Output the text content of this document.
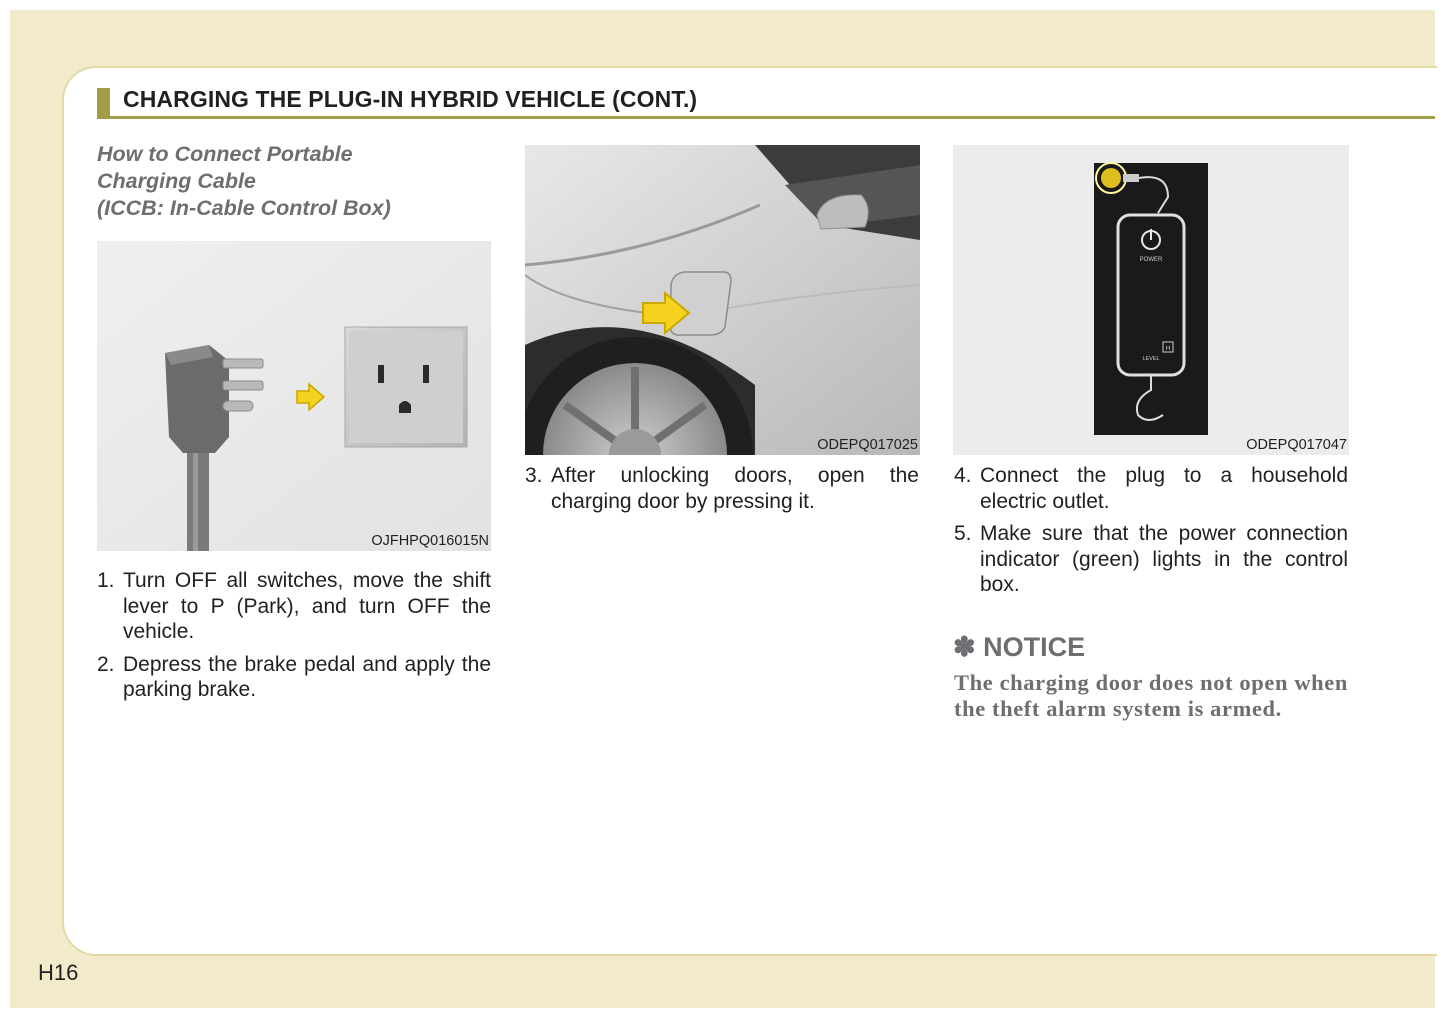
CHARGING THE PLUG-IN HYBRID VEHICLE (CONT.)
How to Connect Portable
Charging Cable
(ICCB: In-Cable Control Box)
OJFHPQ016015N
ODEPQ017025
POWER
LEVEL
H
ODEPQ017047
1. Turn OFF all switches, move the shift lever to P (Park), and turn OFF the vehicle.
2. Depress the brake pedal and apply the parking brake.
3. After unlocking doors, open the charging door by pressing it.
4. Connect the plug to a household electric outlet.
5. Make sure that the power connection indicator (green) lights in the control box.
✽ NOTICE
The charging door does not open when the theft alarm system is armed.
H16
